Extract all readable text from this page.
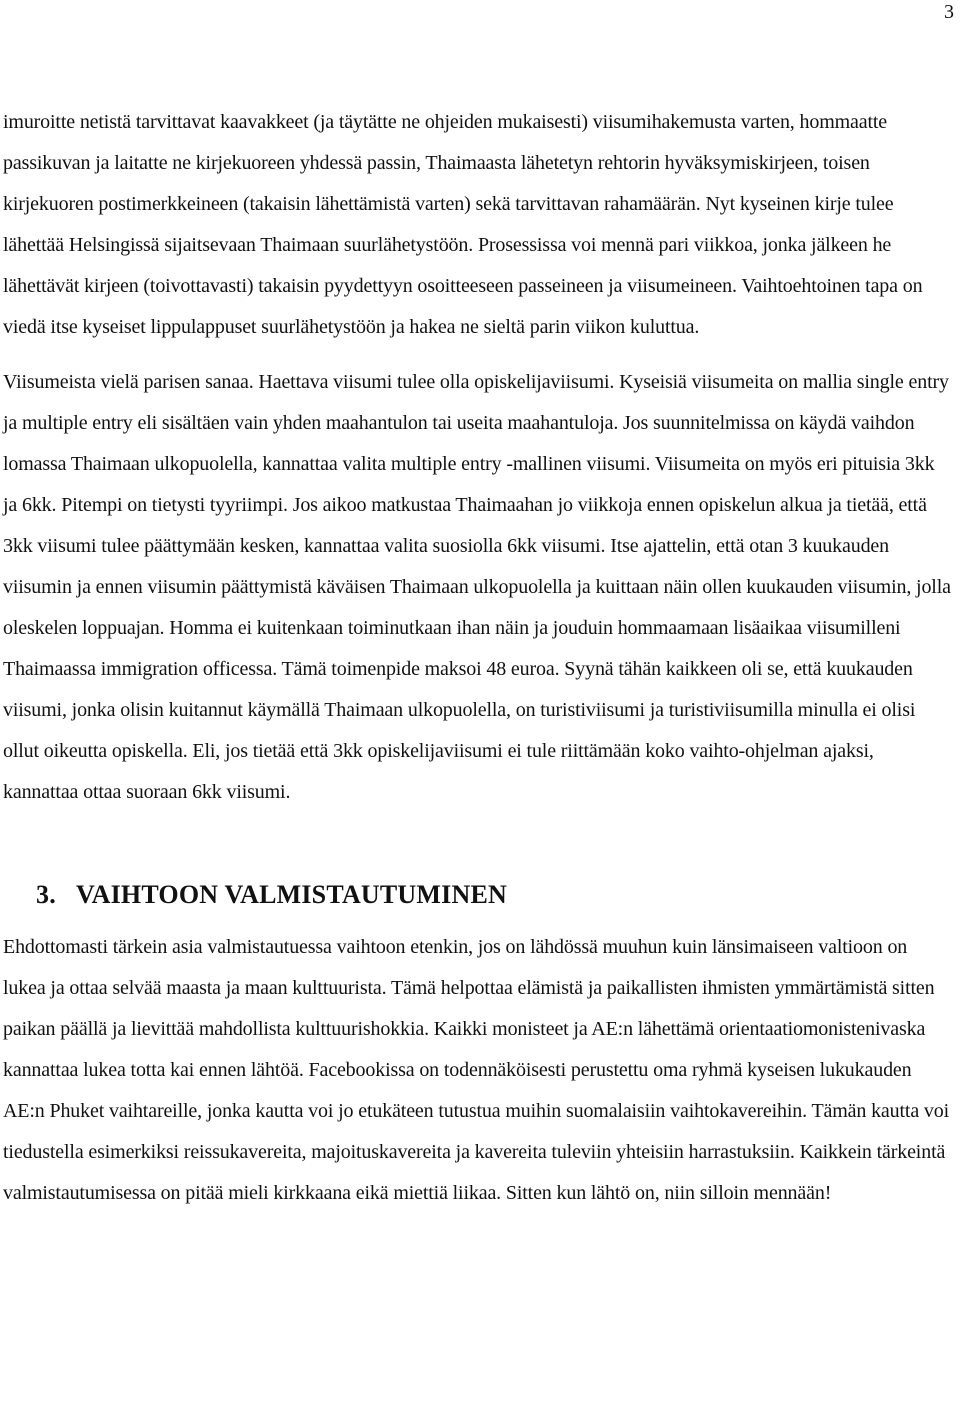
3

imuroitte netistä tarvittavat kaavakkeet (ja täytätte ne ohjeiden mukaisesti) viisumihakemusta varten, hommaatte passikuvan ja laitatte ne kirjekuoreen yhdessä passin, Thaimaasta lähetetyn rehtorin hyväksymiskirjeen, toisen kirjekuoren postimerkkeineen (takaisin lähettämistä varten) sekä tarvittavan rahamäärän. Nyt kyseinen kirje tulee lähettää Helsingissä sijaitsevaan Thaimaan suurlähetystöön. Prosessissa voi mennä pari viikkoa, jonka jälkeen he lähettävät kirjeen (toivottavasti) takaisin pyydettyyn osoitteeseen passeineen ja viisumeineen. Vaihtoehtoinen tapa on viedä itse kyseiset lippulappuset suurlähetystöön ja hakea ne sieltä parin viikon kuluttua.

Viisumeista vielä parisen sanaa. Haettava viisumi tulee olla opiskelijaviisumi. Kyseisiä viisumeita on mallia single entry ja multiple entry eli sisältäen vain yhden maahantulon tai useita maahantuloja. Jos suunnitelmissa on käydä vaihdon lomassa Thaimaan ulkopuolella, kannattaa valita multiple entry -mallinen viisumi. Viisumeita on myös eri pituisia 3kk ja 6kk. Pitempi on tietysti tyyriimpi. Jos aikoo matkustaa Thaimaahan jo viikkoja ennen opiskelun alkua ja tietää, että 3kk viisumi tulee päättymään kesken, kannattaa valita suosiolla 6kk viisumi. Itse ajattelin, että otan 3 kuukauden viisumin ja ennen viisumin päättymistä käväisen Thaimaan ulkopuolella ja kuittaan näin ollen kuukauden viisumin, jolla oleskelen loppuajan. Homma ei kuitenkaan toiminutkaan ihan näin ja jouduin hommaamaan lisäaikaa viisumilleni Thaimaassa immigration officessa. Tämä toimenpide maksoi 48 euroa. Syynä tähän kaikkeen oli se, että kuukauden viisumi, jonka olisin kuitannut käymällä Thaimaan ulkopuolella, on turistiviisumi ja turistiviisumilla minulla ei olisi ollut oikeutta opiskella. Eli, jos tietää että 3kk opiskelijaviisumi ei tule riittämään koko vaihto-ohjelman ajaksi, kannattaa ottaa suoraan 6kk viisumi.

3. VAIHTOON VALMISTAUTUMINEN

Ehdottomasti tärkein asia valmistautuessa vaihtoon etenkin, jos on lähdössä muuhun kuin länsimaiseen valtioon on lukea ja ottaa selvää maasta ja maan kulttuurista. Tämä helpottaa elämistä ja paikallisten ihmisten ymmärtämistä sitten paikan päällä ja lievittää mahdollista kulttuurishokkia. Kaikki monisteet ja AE:n lähettämä orientaatiomonistenivaska kannattaa lukea totta kai ennen lähtöä. Facebookissa on todennäköisesti perustettu oma ryhmä kyseisen lukukauden AE:n Phuket vaihtareille, jonka kautta voi jo etukäteen tutustua muihin suomalaisiin vaihtokavereihin. Tämän kautta voi tiedustella esimerkiksi reissukavereita, majoituskavereita ja kavereita tuleviin yhteisiin harrastuksiin. Kaikkein tärkeintä valmistautumisessa on pitää mieli kirkkaana eikä miettiä liikaa. Sitten kun lähtö on, niin silloin mennään!
